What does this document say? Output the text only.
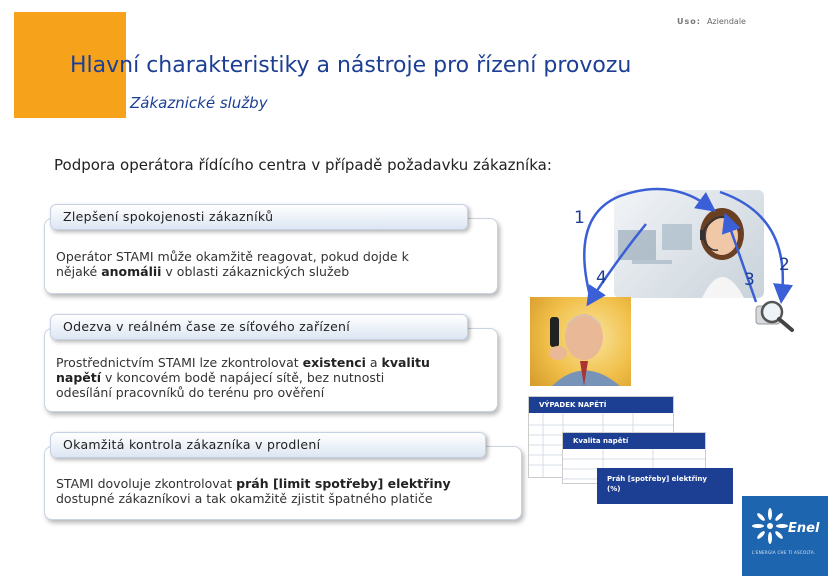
Uso: Aziendale
Hlavní charakteristiky a nástroje pro řízení provozu
Zákaznické služby
Podpora operátora řídícího centra v případě požadavku zákazníka:
Zlepšení spokojenosti zákazníků
Operátor STAMI může okamžitě reagovat, pokud dojde k
nějaké anomálii v oblasti zákaznických služeb
Odezva v reálném čase ze síťového zařízení
Prostřednictvím STAMI lze zkontrolovat existenci a kvalitu
napětí v koncovém bodě napájecí sítě, bez nutnosti
odesílání pracovníků do terénu pro ověření
Okamžitá kontrola zákazníka v prodlení
STAMI dovoluje zkontrolovat práh [limit spotřeby] elektřiny
dostupné zákazníkovi a tak okamžitě zjistit špatného platiče
1
2
3
4
VÝPADEK NAPĚTÍ
Kvalita napětí
Práh [spotřeby] elektřiny
(%)
Enel
L'ENERGIA CHE TI ASCOLTA.
